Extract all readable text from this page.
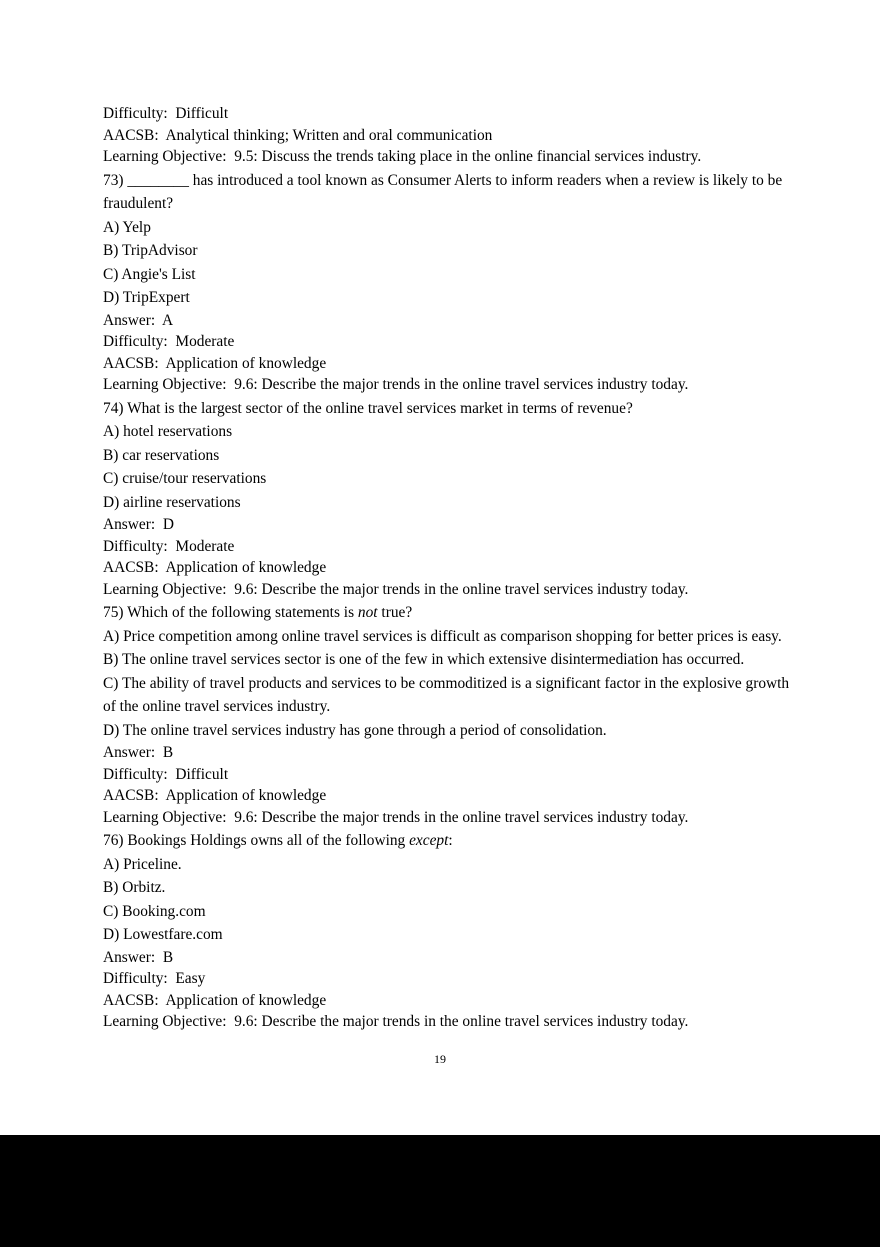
Difficulty:  Difficult
AACSB:  Analytical thinking; Written and oral communication
Learning Objective:  9.5: Discuss the trends taking place in the online financial services industry.
73) ________ has introduced a tool known as Consumer Alerts to inform readers when a review is likely to be fraudulent?
A) Yelp
B) TripAdvisor
C) Angie's List
D) TripExpert
Answer:  A
Difficulty:  Moderate
AACSB:  Application of knowledge
Learning Objective:  9.6: Describe the major trends in the online travel services industry today.
74) What is the largest sector of the online travel services market in terms of revenue?
A) hotel reservations
B) car reservations
C) cruise/tour reservations
D) airline reservations
Answer:  D
Difficulty:  Moderate
AACSB:  Application of knowledge
Learning Objective:  9.6: Describe the major trends in the online travel services industry today.
75) Which of the following statements is not true?
A) Price competition among online travel services is difficult as comparison shopping for better prices is easy.
B) The online travel services sector is one of the few in which extensive disintermediation has occurred.
C) The ability of travel products and services to be commoditized is a significant factor in the explosive growth of the online travel services industry.
D) The online travel services industry has gone through a period of consolidation.
Answer:  B
Difficulty:  Difficult
AACSB:  Application of knowledge
Learning Objective:  9.6: Describe the major trends in the online travel services industry today.
76) Bookings Holdings owns all of the following except:
A) Priceline.
B) Orbitz.
C) Booking.com
D) Lowestfare.com
Answer:  B
Difficulty:  Easy
AACSB:  Application of knowledge
Learning Objective:  9.6: Describe the major trends in the online travel services industry today.
19
